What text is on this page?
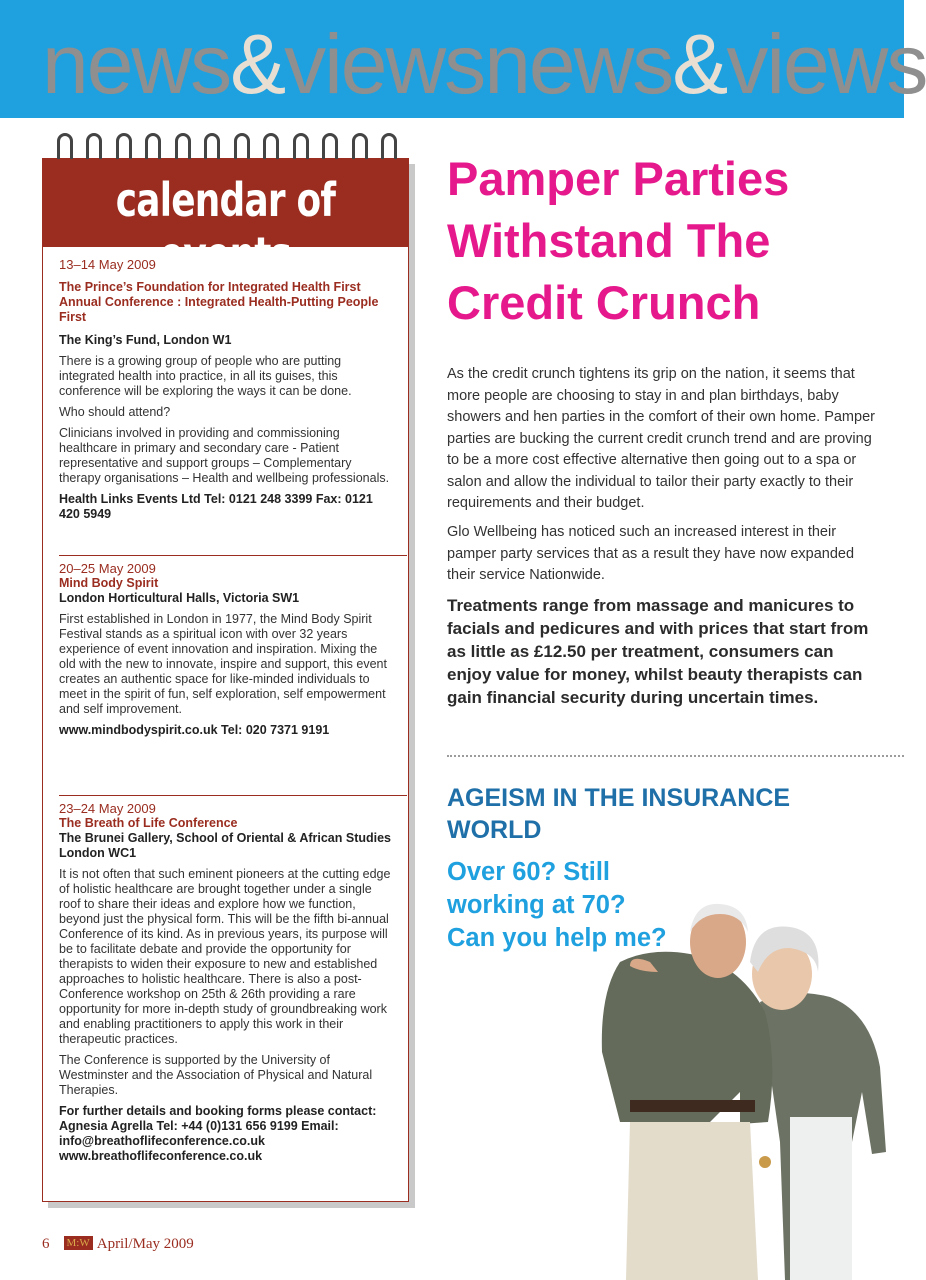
news&viewsnews&views
calendar of events
13–14 May 2009
The Prince’s Foundation for Integrated Health First Annual Conference : Integrated Health-Putting People First
The King’s Fund, London W1

There is a growing group of people who are putting integrated health into practice, in all its guises, this conference will be exploring the ways it can be done.

Who should attend?

Clinicians involved in providing and commissioning healthcare in primary and secondary care - Patient representative and support groups – Complementary therapy organisations – Health and wellbeing professionals.

Health Links Events Ltd Tel: 0121 248 3399 Fax: 0121 420 5949

20–25 May 2009
Mind Body Spirit
London Horticultural Halls, Victoria SW1

First established in London in 1977, the Mind Body Spirit Festival stands as a spiritual icon with over 32 years experience of event innovation and inspiration. Mixing the old with the new to innovate, inspire and support, this event creates an authentic space for like-minded individuals to meet in the spirit of fun, self exploration, self empowerment and self improvement.

www.mindbodyspirit.co.uk Tel: 020 7371 9191

23–24 May 2009
The Breath of Life Conference
The Brunei Gallery, School of Oriental & African Studies London WC1

It is not often that such eminent pioneers at the cutting edge of holistic healthcare are brought together under a single roof to share their ideas and explore how we function, beyond just the physical form. This will be the fifth bi-annual Conference of its kind. As in previous years, its purpose will be to facilitate debate and provide the opportunity for therapists to widen their exposure to new and established approaches to holistic healthcare. There is also a post-Conference workshop on 25th & 26th providing a rare opportunity for more in-depth study of groundbreaking work and enabling practitioners to apply this work in their therapeutic practices.

The Conference is supported by the University of Westminster and the Association of Physical and Natural Therapies.

For further details and booking forms please contact: Agnesia Agrella Tel: +44 (0)131 656 9199 Email: info@breathoflifeconference.co.uk www.breathoflifeconference.co.uk

Pamper Parties Withstand The Credit Crunch

As the credit crunch tightens its grip on the nation, it seems that more people are choosing to stay in and plan birthdays, baby showers and hen parties in the comfort of their own home. Pamper parties are bucking the current credit crunch trend and are proving to be a more cost effective alternative then going out to a spa or salon and allow the individual to tailor their party exactly to their requirements and their budget.

Glo Wellbeing has noticed such an increased interest in their pamper party services that as a result they have now expanded their service Nationwide.

Treatments range from massage and manicures to facials and pedicures and with prices that start from as little as £12.50 per treatment, consumers can enjoy value for money, whilst beauty therapists can gain financial security during uncertain times.

AGEISM IN THE INSURANCE WORLD

Over 60? Still working at 70? Can you help me?

6 M:W April/May 2009
